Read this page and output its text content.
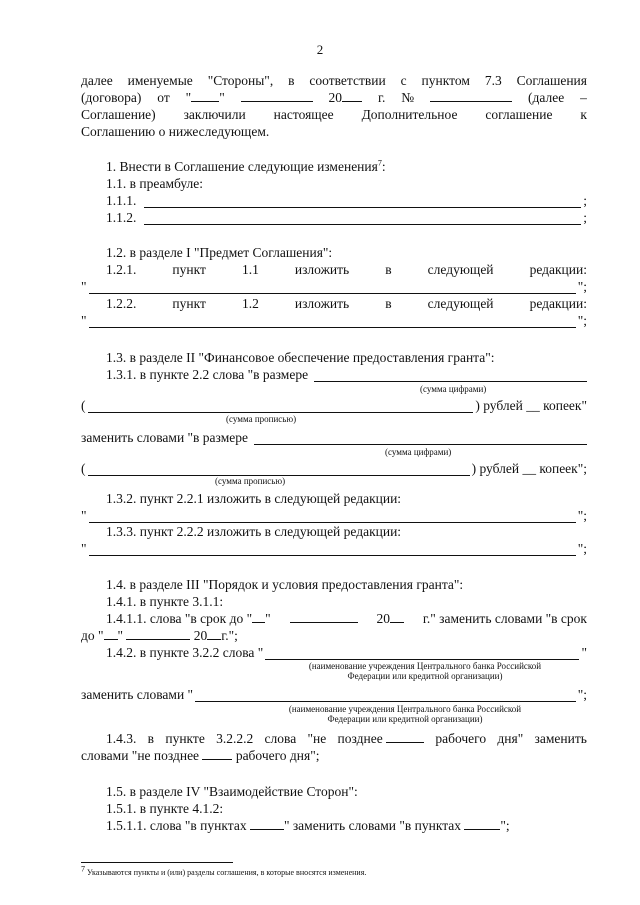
2
далее именуемые "Стороны", в соответствии с пунктом 7.3 Соглашения
(договора) от " "	20	г. №	(далее –
Соглашение) заключили настоящее Дополнительное соглашение к
Соглашению о нижеследующем.
1. Внести в Соглашение следующие изменения$^7$:
1.1. в преамбуле:
1.1.1.	;
1.1.2.	;
1.2. в разделе I "Предмет Соглашения":
1.2.1.	пункт	1.1	изложить	в	следующей	редакции:
"	";
1.2.2.	пункт	1.2	изложить	в	следующей	редакции:
"	";
1.3. в разделе II "Финансовое обеспечение предоставления гранта":
1.3.1. в пункте 2.2 слова "в размере
(сумма цифрами)
(	) рублей __ копеек"
(сумма прописью)
заменить словами "в размере
(сумма цифрами)
(	) рублей __ копеек";
(сумма прописью)
1.3.2. пункт 2.2.1 изложить в следующей редакции:
"	";
1.3.3. пункт 2.2.2 изложить в следующей редакции:
"	";
1.4. в разделе III "Порядок и условия предоставления гранта":
1.4.1. в пункте 3.1.1:
1.4.1.1. слова "в срок до " "	20	г." заменить словами "в срок
до " "	20 г.";
1.4.2. в пункте 3.2.2 слова "	"
(наименование учреждения Центрального банка Российской
Федерации или кредитной организации)
заменить словами "	";
(наименование учреждения Центрального банка Российской
Федерации или кредитной организации)
1.4.3. в пункте 3.2.2.2 слова "не позднее	рабочего дня" заменить
словами "не позднее	рабочего дня";
1.5. в разделе IV "Взаимодействие Сторон":
1.5.1. в пункте 4.1.2:
1.5.1.1. слова "в пунктах	" заменить словами "в пунктах	";
7 Указываются пункты и (или) разделы соглашения, в которые вносятся изменения.
